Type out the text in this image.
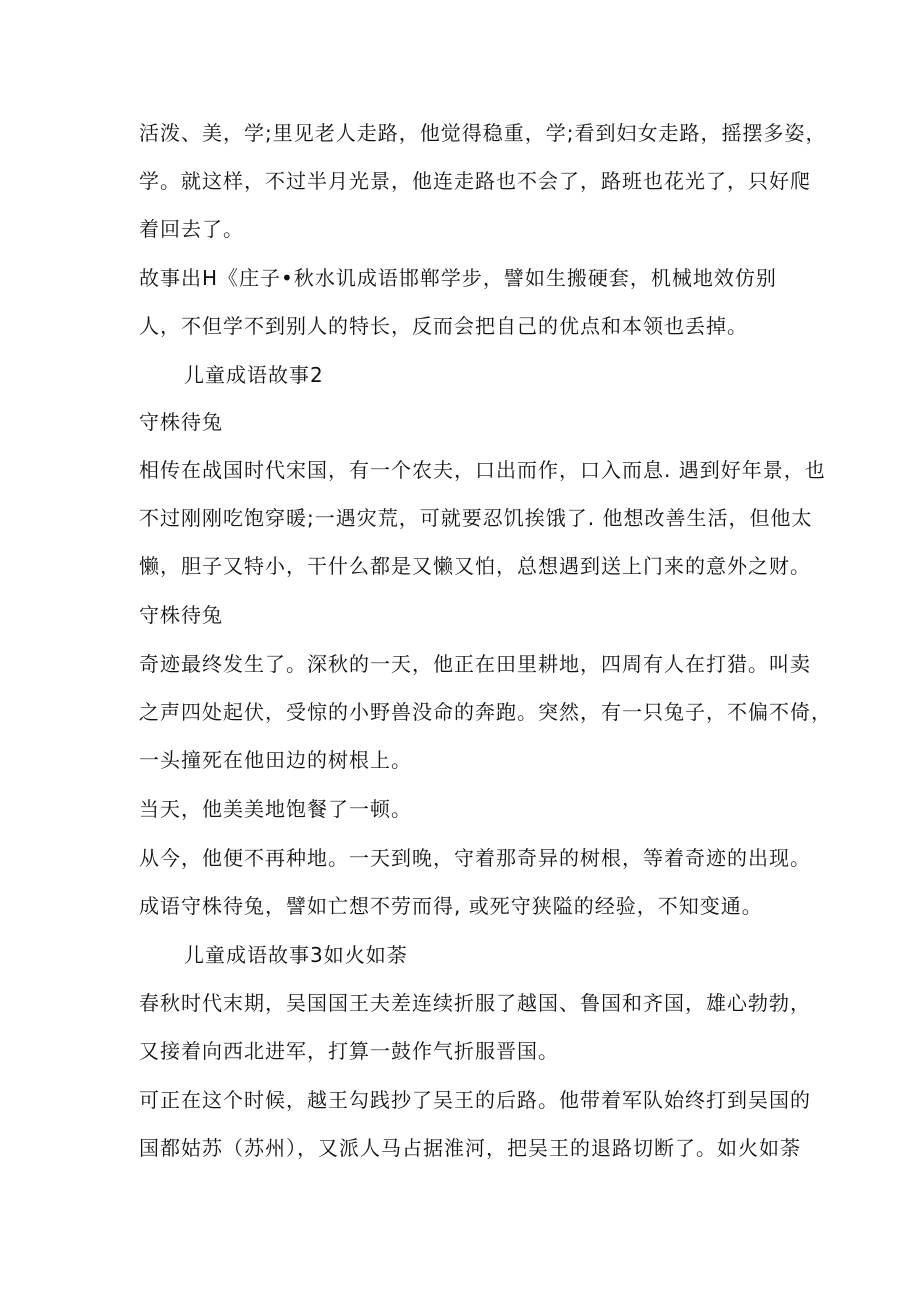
活泼、美，学;里见老人走路，他觉得稳重，学;看到妇女走路，摇摆多姿，
学。就这样，不过半月光景，他连走路也不会了，路班也花光了，只好爬
着回去了。
故事出H《庄子•秋水讥成语邯郸学步，譬如生搬硬套，机械地效仿别
人，不但学不到别人的特长，反而会把自己的优点和本领也丢掉。
儿童成语故事2
守株待兔
相传在战国时代宋国，有一个农夫，口出而作，口入而息. 遇到好年景，也
不过刚刚吃饱穿暖;一遇灾荒，可就要忍饥挨饿了. 他想改善生活，但他太
懒，胆子又特小，干什么都是又懒又怕，总想遇到送上门来的意外之财。
守株待兔
奇迹最终发生了。深秋的一天，他正在田里耕地，四周有人在打猎。叫卖
之声四处起伏，受惊的小野兽没命的奔跑。突然，有一只兔子，不偏不倚，
一头撞死在他田边的树根上。
当天，他美美地饱餐了一顿。
从今，他便不再种地。一天到晚，守着那奇异的树根，等着奇迹的出现。
成语守株待兔，譬如亡想不劳而得, 或死守狭隘的经验，不知变通。
儿童成语故事3如火如荼
春秋时代末期，吴国国王夫差连续折服了越国、鲁国和齐国，雄心勃勃，
又接着向西北进军，打算一鼓作气折服晋国。
可正在这个时候，越王勾践抄了吴王的后路。他带着军队始终打到吴国的
国都姑苏（苏州），又派人马占据淮河，把吴王的退路切断了。如火如荼
